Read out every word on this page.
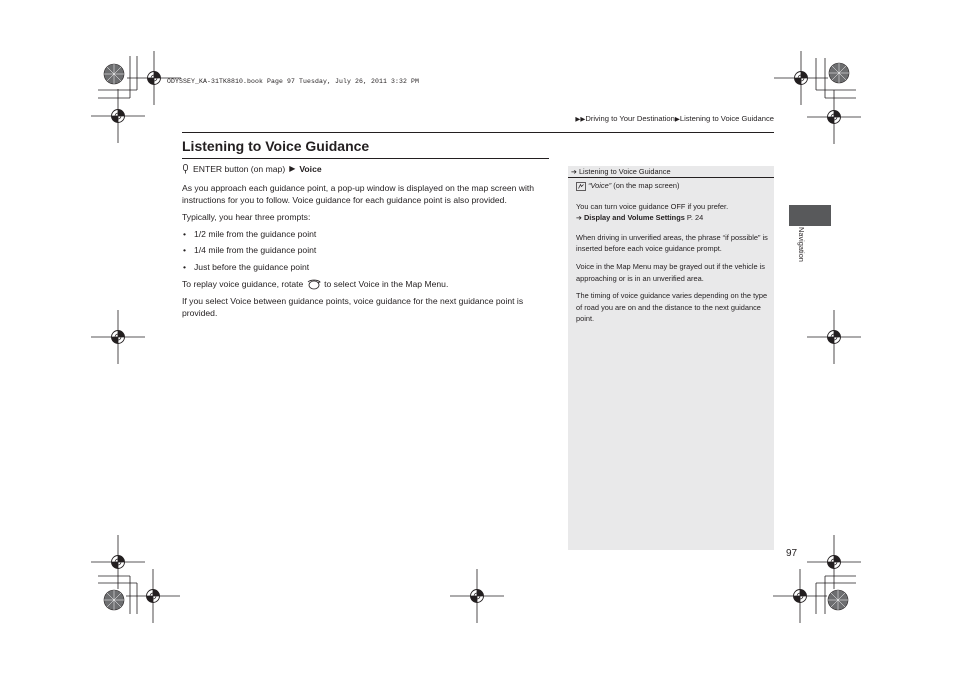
ODYSSEY_KA-31TK8810.book Page 97 Tuesday, July 26, 2011 3:32 PM
▶▶Driving to Your Destination▶Listening to Voice Guidance
Listening to Voice Guidance

ENTER button (on map) ▶ Voice

As you approach each guidance point, a pop-up window is displayed on the map screen with instructions for you to follow. Voice guidance for each guidance point is also provided.

Typically, you hear three prompts:

• 1/2 mile from the guidance point
• 1/4 mile from the guidance point
• Just before the guidance point

To replay voice guidance, rotate to select Voice in the Map Menu.

If you select Voice between guidance points, voice guidance for the next guidance point is provided.

➔ Listening to Voice Guidance

“Voice” (on the map screen)

You can turn voice guidance OFF if you prefer.
➔ Display and Volume Settings P. 24

When driving in unverified areas, the phrase “if possible” is inserted before each voice guidance prompt.

Voice in the Map Menu may be grayed out if the vehicle is approaching or is in an unverified area.

The timing of voice guidance varies depending on the type of road you are on and the distance to the next guidance point.

Navigation
97
